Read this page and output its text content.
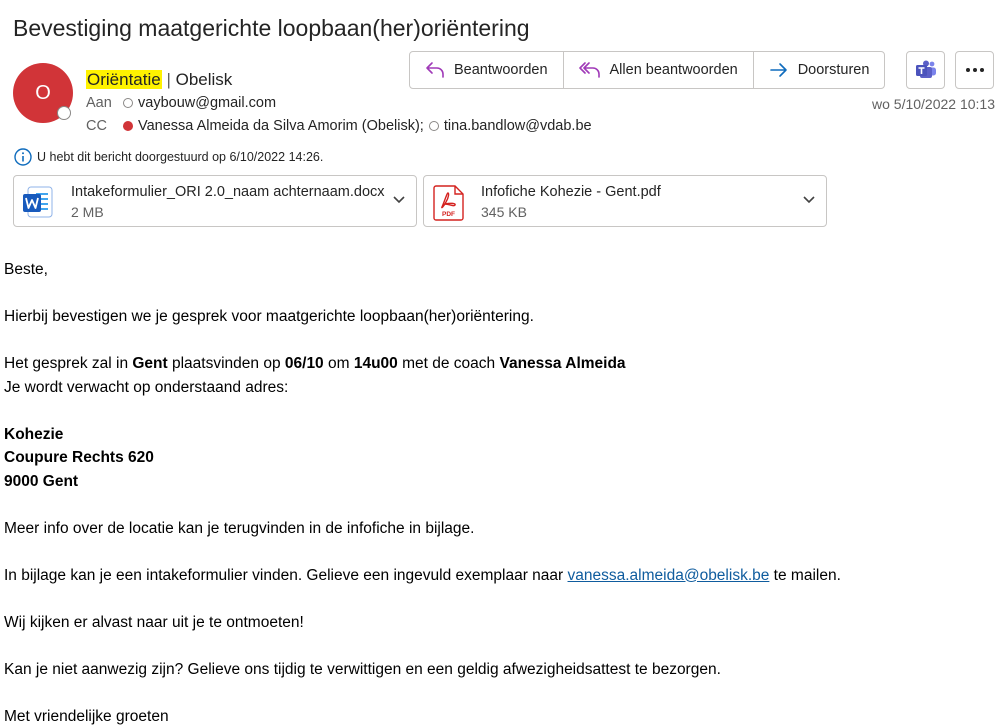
Bevestiging maatgerichte loopbaan(her)oriëntering
O
Oriëntatie | Obelisk
Aan	vaybouw@gmail.com
CC	Vanessa Almeida da Silva Amorim (Obelisk); tina.bandlow@vdab.be
Beantwoorden	Allen beantwoorden	Doorsturen
wo 5/10/2022 10:13
U hebt dit bericht doorgestuurd op 6/10/2022 14:26.
Intakeformulier_ORI 2.0_naam achternaam.docx
2 MB	PDF
Infofiche Kohezie - Gent.pdf
345 KB

Beste,

Hierbij bevestigen we je gesprek voor maatgerichte loopbaan(her)oriëntering.

Het gesprek zal in Gent plaatsvinden op 06/10 om 14u00 met de coach Vanessa Almeida

Je wordt verwacht op onderstaand adres:

Kohezie

Coupure Rechts 620

9000 Gent

Meer info over de locatie kan je terugvinden in de infofiche in bijlage.

In bijlage kan je een intakeformulier vinden. Gelieve een ingevuld exemplaar naar vanessa.almeida@obelisk.be te mailen.

Wij kijken er alvast naar uit je te ontmoeten!

Kan je niet aanwezig zijn? Gelieve ons tijdig te verwittigen en een geldig afwezigheidsattest te bezorgen.

Met vriendelijke groeten
